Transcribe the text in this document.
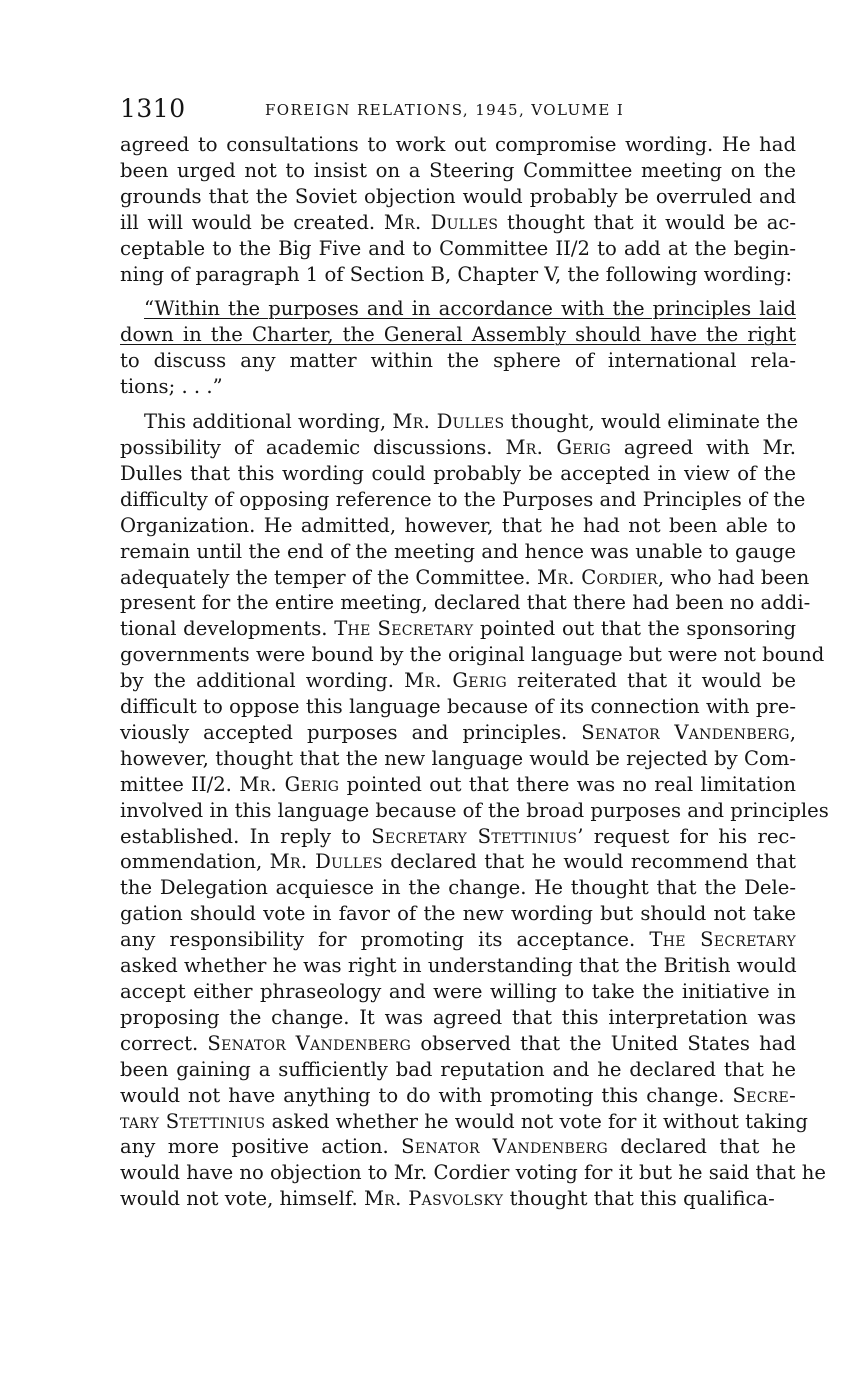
1310	FOREIGN RELATIONS, 1945, VOLUME I
agreed to consultations to work out compromise wording. He had
been urged not to insist on a Steering Committee meeting on the
grounds that the Soviet objection would probably be overruled and
ill will would be created. Mr. Dulles thought that it would be ac-
ceptable to the Big Five and to Committee II/2 to add at the begin-
ning of paragraph 1 of Section B, Chapter V, the following wording:
“Within the purposes and in accordance with the principles laid
down in the Charter, the General Assembly should have the right
to discuss any matter within the sphere of international rela-
tions; . . .”
This additional wording, Mr. Dulles thought, would eliminate the
possibility of academic discussions. Mr. Gerig agreed with Mr.
Dulles that this wording could probably be accepted in view of the
difficulty of opposing reference to the Purposes and Principles of the
Organization. He admitted, however, that he had not been able to
remain until the end of the meeting and hence was unable to gauge
adequately the temper of the Committee. Mr. Cordier, who had been
present for the entire meeting, declared that there had been no addi-
tional developments. The Secretary pointed out that the sponsoring
governments were bound by the original language but were not bound
by the additional wording. Mr. Gerig reiterated that it would be
difficult to oppose this language because of its connection with pre-
viously accepted purposes and principles. Senator Vandenberg,
however, thought that the new language would be rejected by Com-
mittee II/2. Mr. Gerig pointed out that there was no real limitation
involved in this language because of the broad purposes and principles
established. In reply to Secretary Stettinius’ request for his rec-
ommendation, Mr. Dulles declared that he would recommend that
the Delegation acquiesce in the change. He thought that the Dele-
gation should vote in favor of the new wording but should not take
any responsibility for promoting its acceptance. The Secretary
asked whether he was right in understanding that the British would
accept either phraseology and were willing to take the initiative in
proposing the change. It was agreed that this interpretation was
correct. Senator Vandenberg observed that the United States had
been gaining a sufficiently bad reputation and he declared that he
would not have anything to do with promoting this change. Secre-
tary Stettinius asked whether he would not vote for it without taking
any more positive action. Senator Vandenberg declared that he
would have no objection to Mr. Cordier voting for it but he said that he
would not vote, himself. Mr. Pasvolsky thought that this qualifica-
